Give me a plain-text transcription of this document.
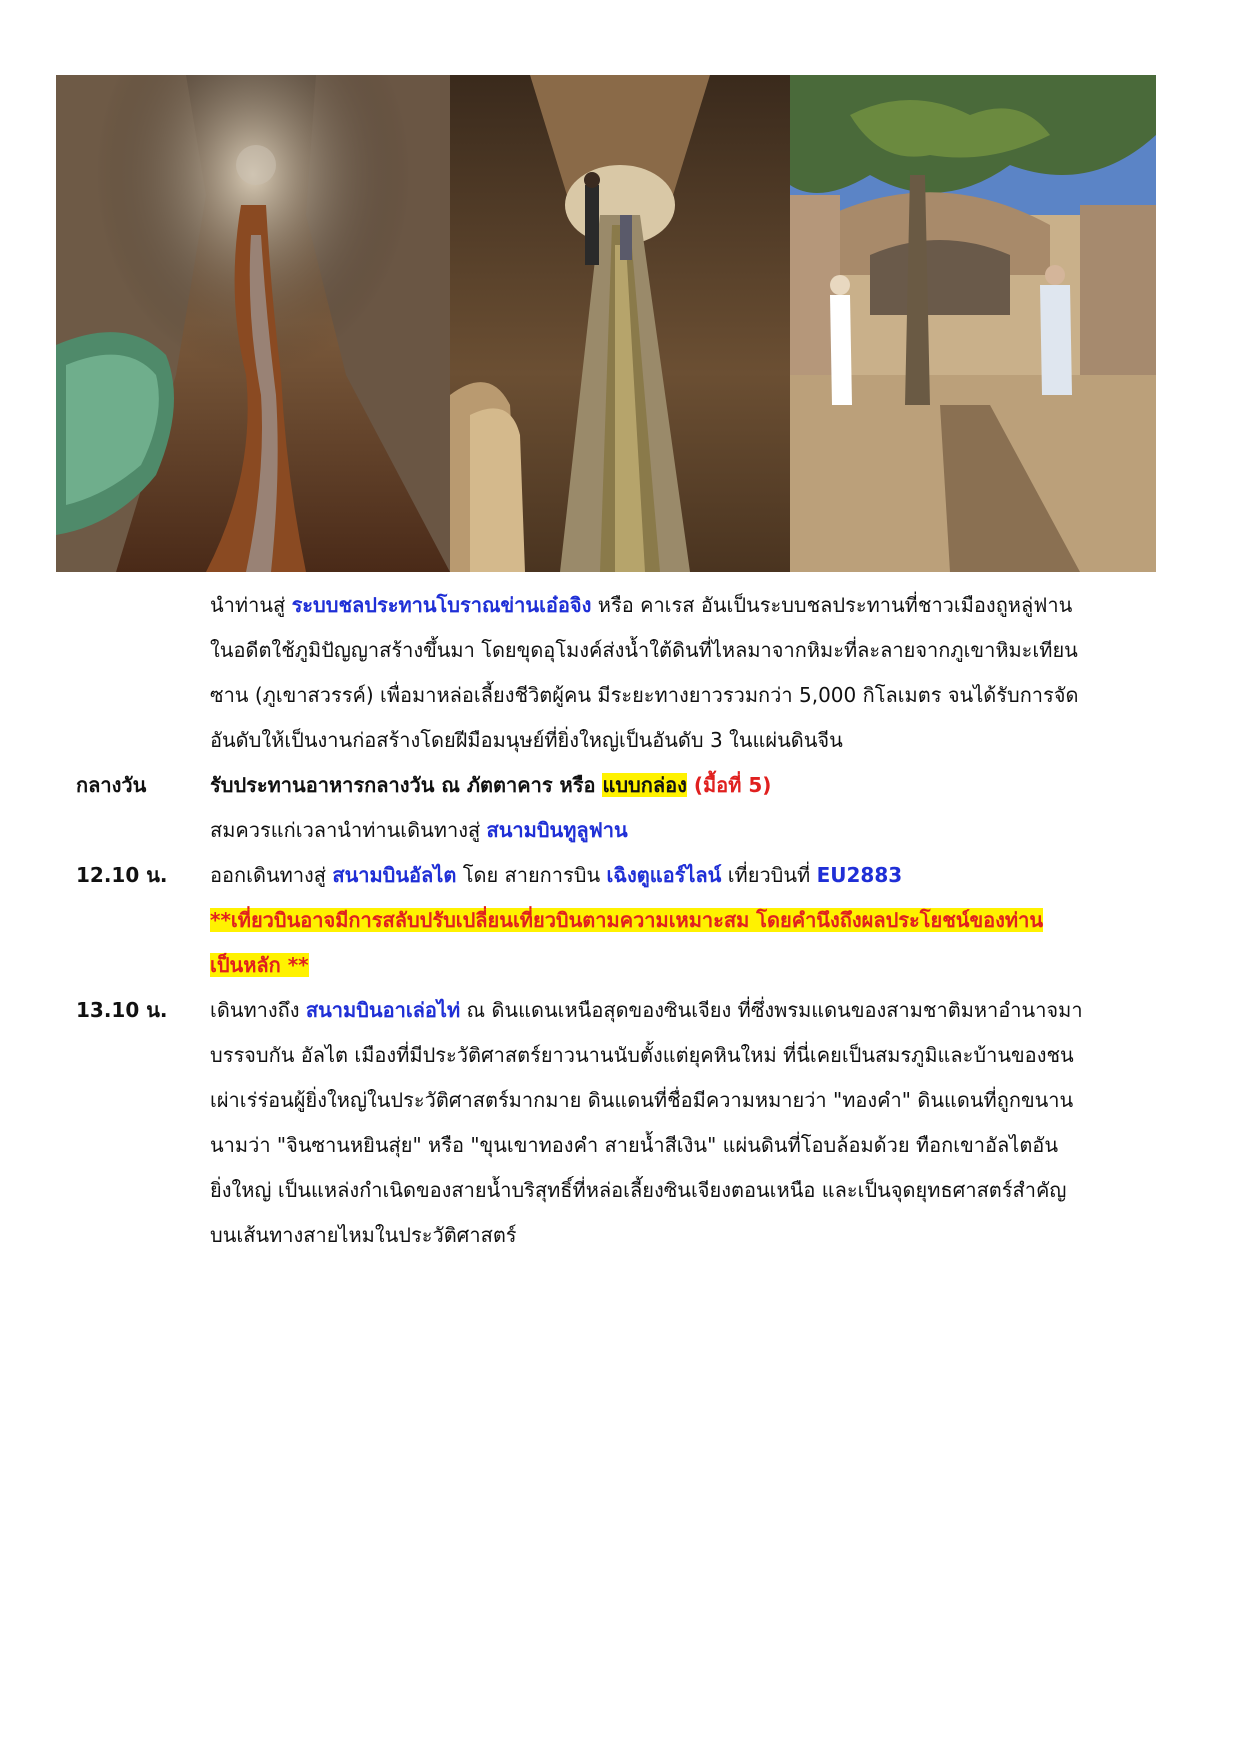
นำท่านสู่ ระบบชลประทานโบราณข่านเอ๋อจิง หรือ คาเรส อันเป็นระบบชลประทานที่ชาวเมืองถูหลู่ฟาน
ในอดีตใช้ภูมิปัญญาสร้างขึ้นมา โดยขุดอุโมงค์ส่งน้ำใต้ดินที่ไหลมาจากหิมะที่ละลายจากภูเขาหิมะเทียน
ซาน (ภูเขาสวรรค์) เพื่อมาหล่อเลี้ยงชีวิตผู้คน มีระยะทางยาวรวมกว่า 5,000 กิโลเมตร จนได้รับการจัด
อันดับให้เป็นงานก่อสร้างโดยฝีมือมนุษย์ที่ยิ่งใหญ่เป็นอันดับ 3 ในแผ่นดินจีน
กลางวัน	รับประทานอาหารกลางวัน ณ ภัตตาคาร หรือ แบบกล่อง (มื้อที่ 5)
สมควรแก่เวลานำท่านเดินทางสู่ สนามบินทูลูฟาน
12.10 น.	ออกเดินทางสู่ สนามบินอัลไต โดย สายการบิน เฉิงตูแอร์ไลน์ เที่ยวบินที่ EU2883
**เที่ยวบินอาจมีการสลับปรับเปลี่ยนเที่ยวบินตามความเหมาะสม โดยคำนึงถึงผลประโยชน์ของท่าน
เป็นหลัก **
13.10 น.	เดินทางถึง สนามบินอาเล่อไท่ ณ ดินแดนเหนือสุดของซินเจียง ที่ซึ่งพรมแดนของสามชาติมหาอำนาจมา
บรรจบกัน อัลไต เมืองที่มีประวัติศาสตร์ยาวนานนับตั้งแต่ยุคหินใหม่ ที่นี่เคยเป็นสมรภูมิและบ้านของชน
เผ่าเร่ร่อนผู้ยิ่งใหญ่ในประวัติศาสตร์มากมาย ดินแดนที่ชื่อมีความหมายว่า "ทองคำ" ดินแดนที่ถูกขนาน
นามว่า "จินซานหยินสุ่ย" หรือ "ขุนเขาทองคำ สายน้ำสีเงิน" แผ่นดินที่โอบล้อมด้วย ทือกเขาอัลไตอัน
ยิ่งใหญ่ เป็นแหล่งกำเนิดของสายน้ำบริสุทธิ์ที่หล่อเลี้ยงซินเจียงตอนเหนือ และเป็นจุดยุทธศาสตร์สำคัญ
บนเส้นทางสายไหมในประวัติศาสตร์
